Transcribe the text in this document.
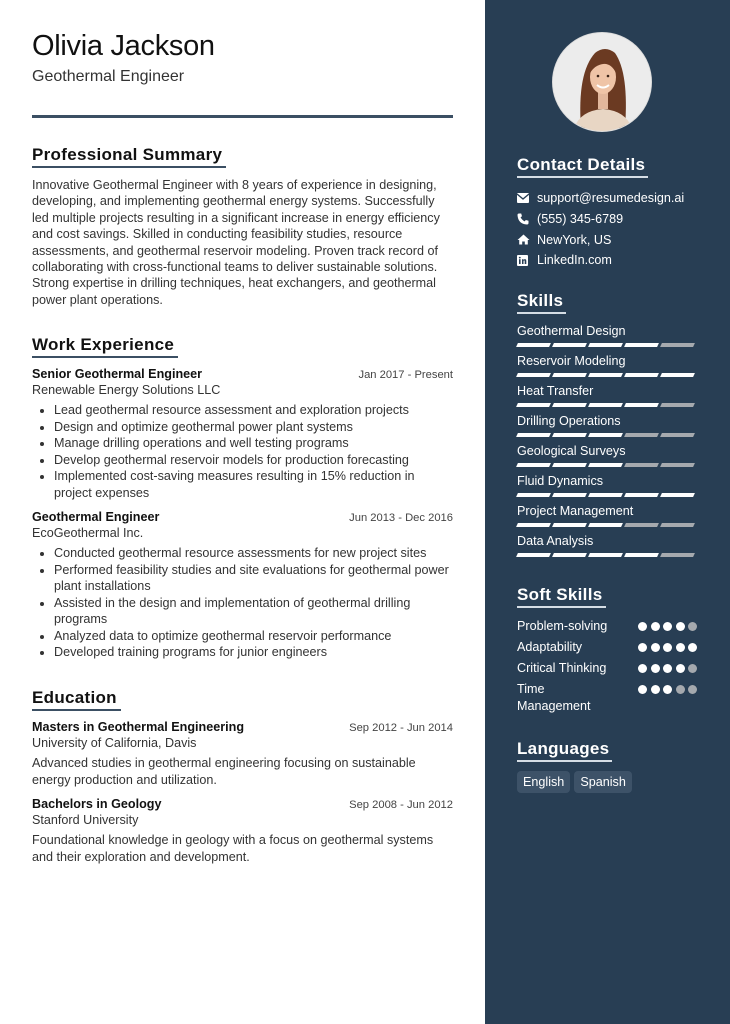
Olivia Jackson
Geothermal Engineer
Professional Summary

Innovative Geothermal Engineer with 8 years of experience in designing, developing, and implementing geothermal energy systems. Successfully led multiple projects resulting in a significant increase in energy efficiency and cost savings. Skilled in conducting feasibility studies, resource assessments, and geothermal reservoir modeling. Proven track record of collaborating with cross-functional teams to deliver sustainable solutions. Strong expertise in drilling techniques, heat exchangers, and geothermal power plant operations.

Work Experience
Senior Geothermal Engineer	Jan 2017 - Present
Renewable Energy Solutions LLC
• Lead geothermal resource assessment and exploration projects
• Design and optimize geothermal power plant systems
• Manage drilling operations and well testing programs
• Develop geothermal reservoir models for production forecasting
• Implemented cost-saving measures resulting in 15% reduction in project expenses
Geothermal Engineer	Jun 2013 - Dec 2016
EcoGeothermal Inc.
• Conducted geothermal resource assessments for new project sites
• Performed feasibility studies and site evaluations for geothermal power plant installations
• Assisted in the design and implementation of geothermal drilling programs
• Analyzed data to optimize geothermal reservoir performance
• Developed training programs for junior engineers
Education
Masters in Geothermal Engineering	Sep 2012 - Jun 2014
University of California, Davis

Advanced studies in geothermal engineering focusing on sustainable energy production and utilization.

Bachelors in Geology	Sep 2008 - Jun 2012
Stanford University

Foundational knowledge in geology with a focus on geothermal systems and their exploration and development.

Contact Details
support@resumedesign.ai
(555) 345-6789
NewYork, US
LinkedIn.com
Skills
Geothermal Design
Reservoir Modeling
Heat Transfer
Drilling Operations
Geological Surveys
Fluid Dynamics
Project Management
Data Analysis
Soft Skills
Problem-solving
Adaptability
Critical Thinking
Time Management
Languages
English	Spanish
